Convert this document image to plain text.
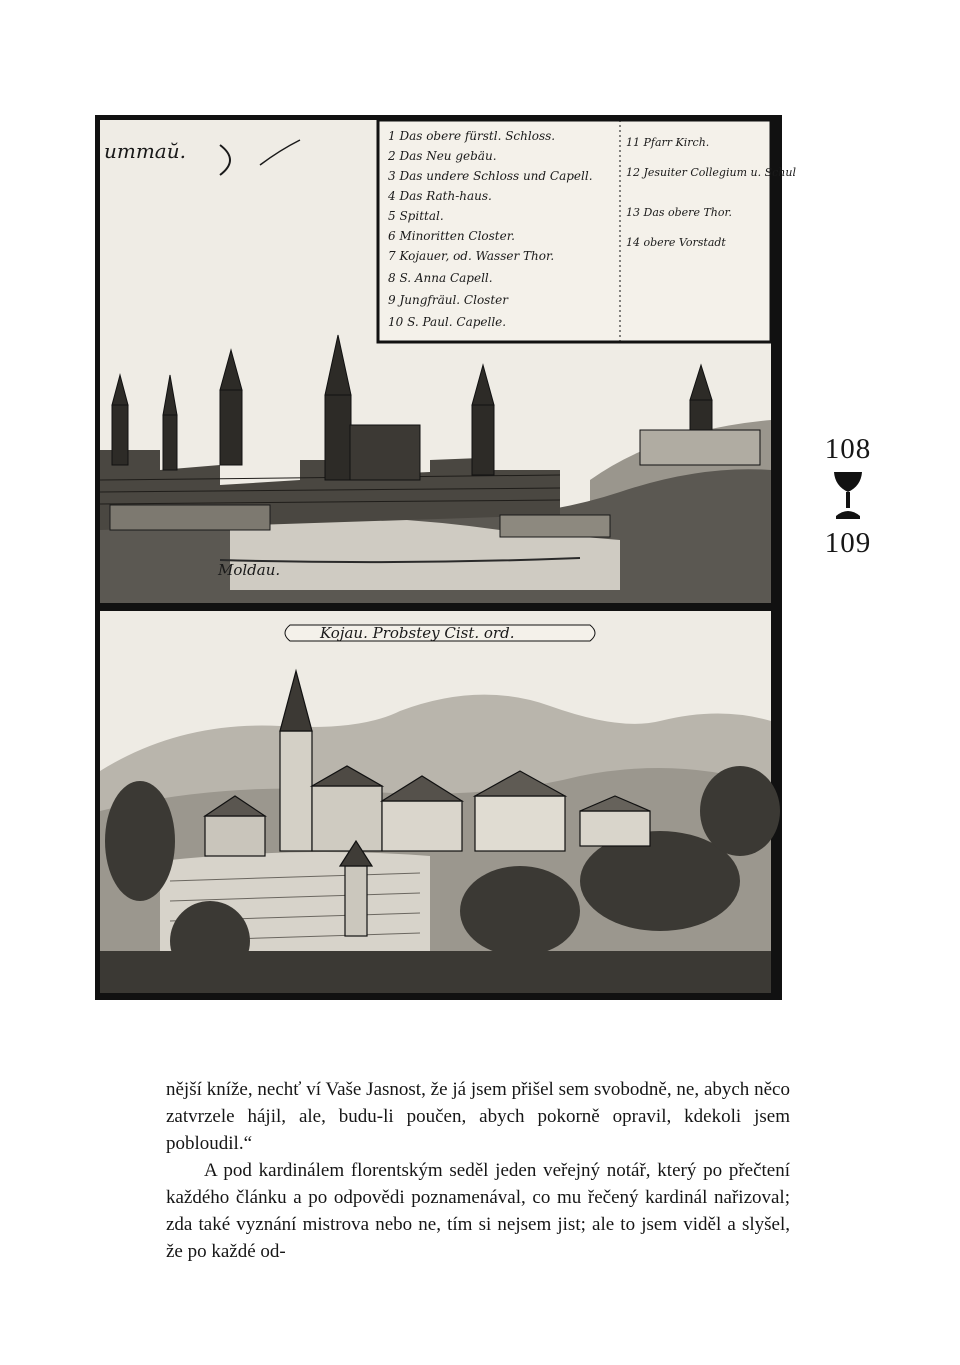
ummaŭ.
1 Das obere fürstl. Schloss.
2 Das Neu gebäu.
3 Das undere Schloss und Capell.
4 Das Rath-haus.
5 Spittal.
6 Minoritten Closter.
7 Kojauer, od. Wasser Thor.
8 S. Anna Capell.
9 Jungfräul. Closter
10 S. Paul. Capelle.
11 Pfarr Kirch.
12 Jesuiter Collegium u. Schul
13 Das obere Thor.
14 obere Vorstadt
Moldau.
Kojau. Probstey Cist. ord.
108
109

nější kníže, nechť ví Vaše Jasnost, že já jsem přišel sem svobodně, ne, abych něco zatvrzele hájil, ale, budu-li poučen, abych pokorně opravil, kdekoli jsem pobloudil.“

A pod kardinálem florentským seděl jeden veřejný notář, který po přečtení každého článku a po odpovědi poznamenával, co mu řečený kardinál nařizoval; zda také vyznání mistrova nebo ne, tím si nejsem jist; ale to jsem viděl a slyšel, že po každé od-
